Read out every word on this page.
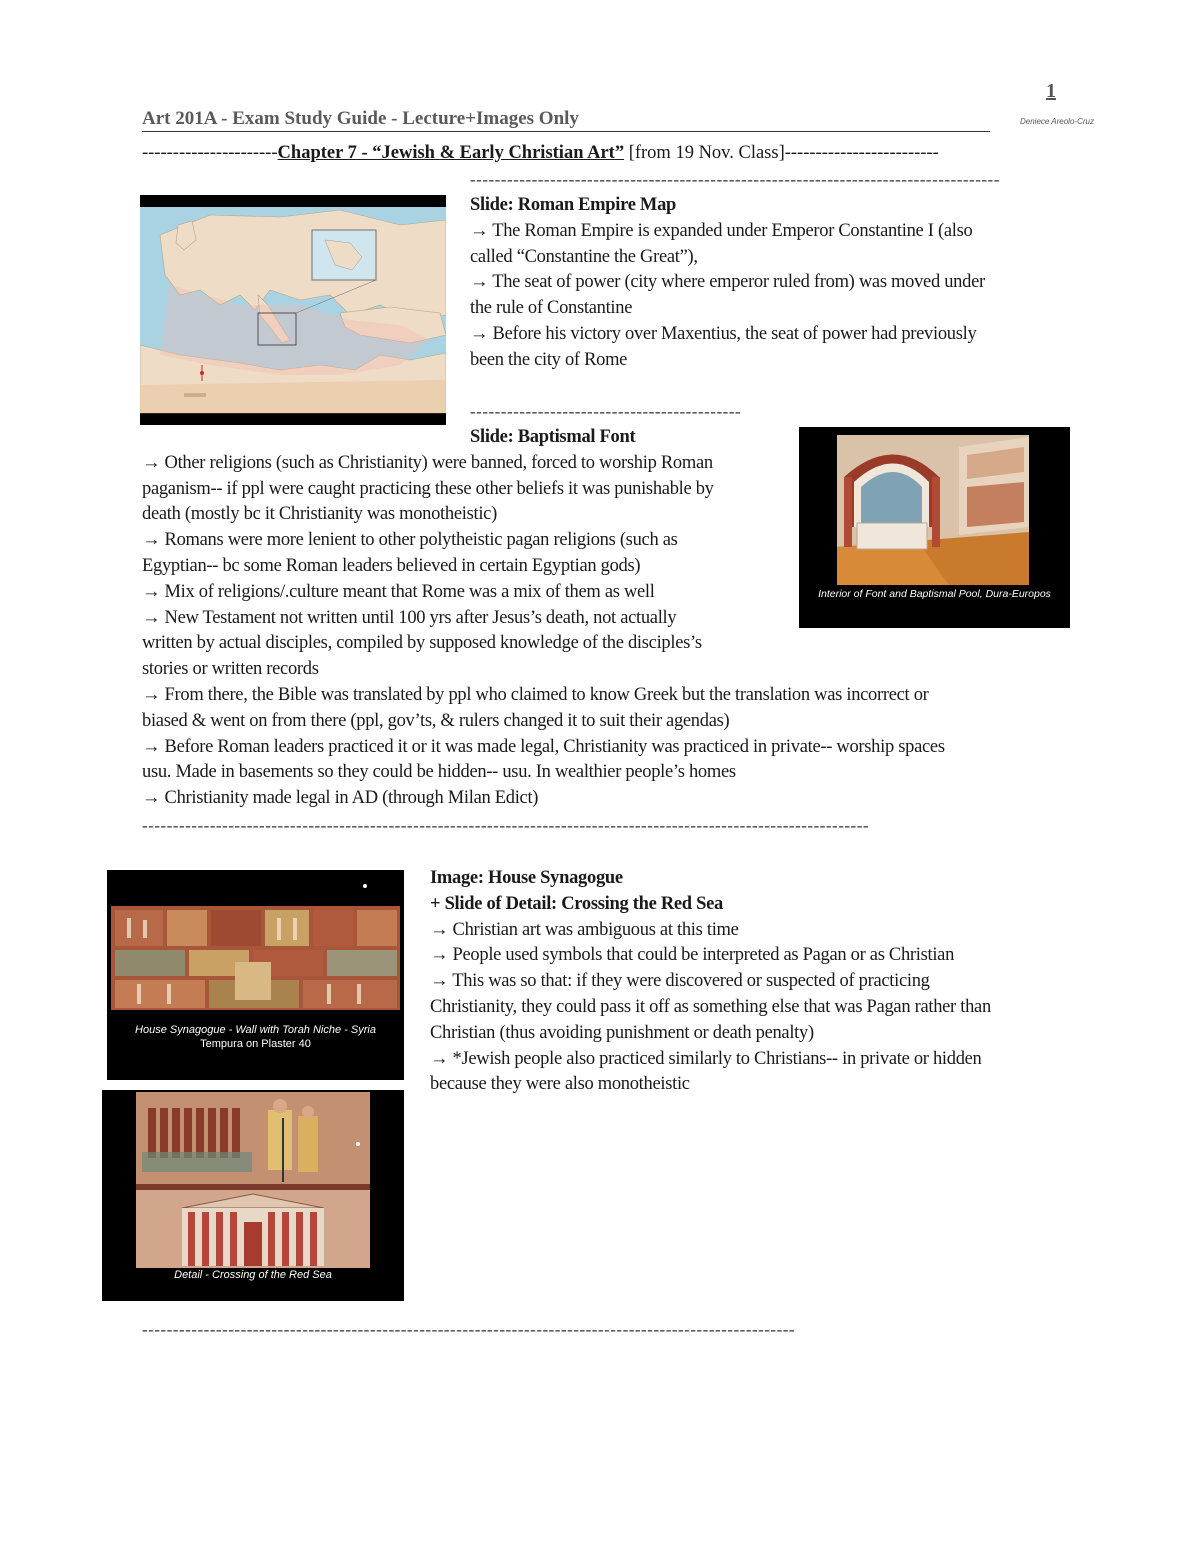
1
Art 201A - Exam Study Guide - Lecture+Images Only	Deniece Areolo-Cruz
----------------------Chapter 7 - “Jewish & Early Christian Art” [from 19 Nov. Class]-------------------------
--------------------------------------------------------------------------------------
Slide: Roman Empire Map
→ The Roman Empire is expanded under Emperor Constantine I (also
called “Constantine the Great”),
→ The seat of power (city where emperor ruled from) was moved under
the rule of Constantine
→ Before his victory over Maxentius, the seat of power had previously
been the city of Rome
--------------------------------------------
Interior of Font and Baptismal Pool, Dura-Europos
Slide: Baptismal Font
→ Other religions (such as Christianity) were banned, forced to worship Roman
paganism-- if ppl were caught practicing these other beliefs it was punishable by
death (mostly bc it Christianity was monotheistic)
→ Romans were more lenient to other polytheistic pagan religions (such as
Egyptian-- bc some Roman leaders believed in certain Egyptian gods)
→ Mix of religions/.culture meant that Rome was a mix of them as well
→ New Testament not written until 100 yrs after Jesus’s death, not actually
written by actual disciples, compiled by supposed knowledge of the disciples’s
stories or written records
→ From there, the Bible was translated by ppl who claimed to know Greek but the translation was incorrect or
biased & went on from there (ppl, gov’ts, & rulers changed it to suit their agendas)
→ Before Roman leaders practiced it or it was made legal, Christianity was practiced in private-- worship spaces
usu. Made in basements so they could be hidden-- usu. In wealthier people’s homes
→ Christianity made legal in AD (through Milan Edict)
----------------------------------------------------------------------------------------------------------------------
House Synagogue - Wall with Torah Niche - Syria
Tempura on Plaster 40
Detail - Crossing of the Red Sea
Image: House Synagogue
+ Slide of Detail: Crossing the Red Sea
→ Christian art was ambiguous at this time
→ People used symbols that could be interpreted as Pagan or as Christian
→ This was so that: if they were discovered or suspected of practicing
Christianity, they could pass it off as something else that was Pagan rather than
Christian (thus avoiding punishment or death penalty)
→ *Jewish people also practiced similarly to Christians-- in private or hidden
because they were also monotheistic
----------------------------------------------------------------------------------------------------------
